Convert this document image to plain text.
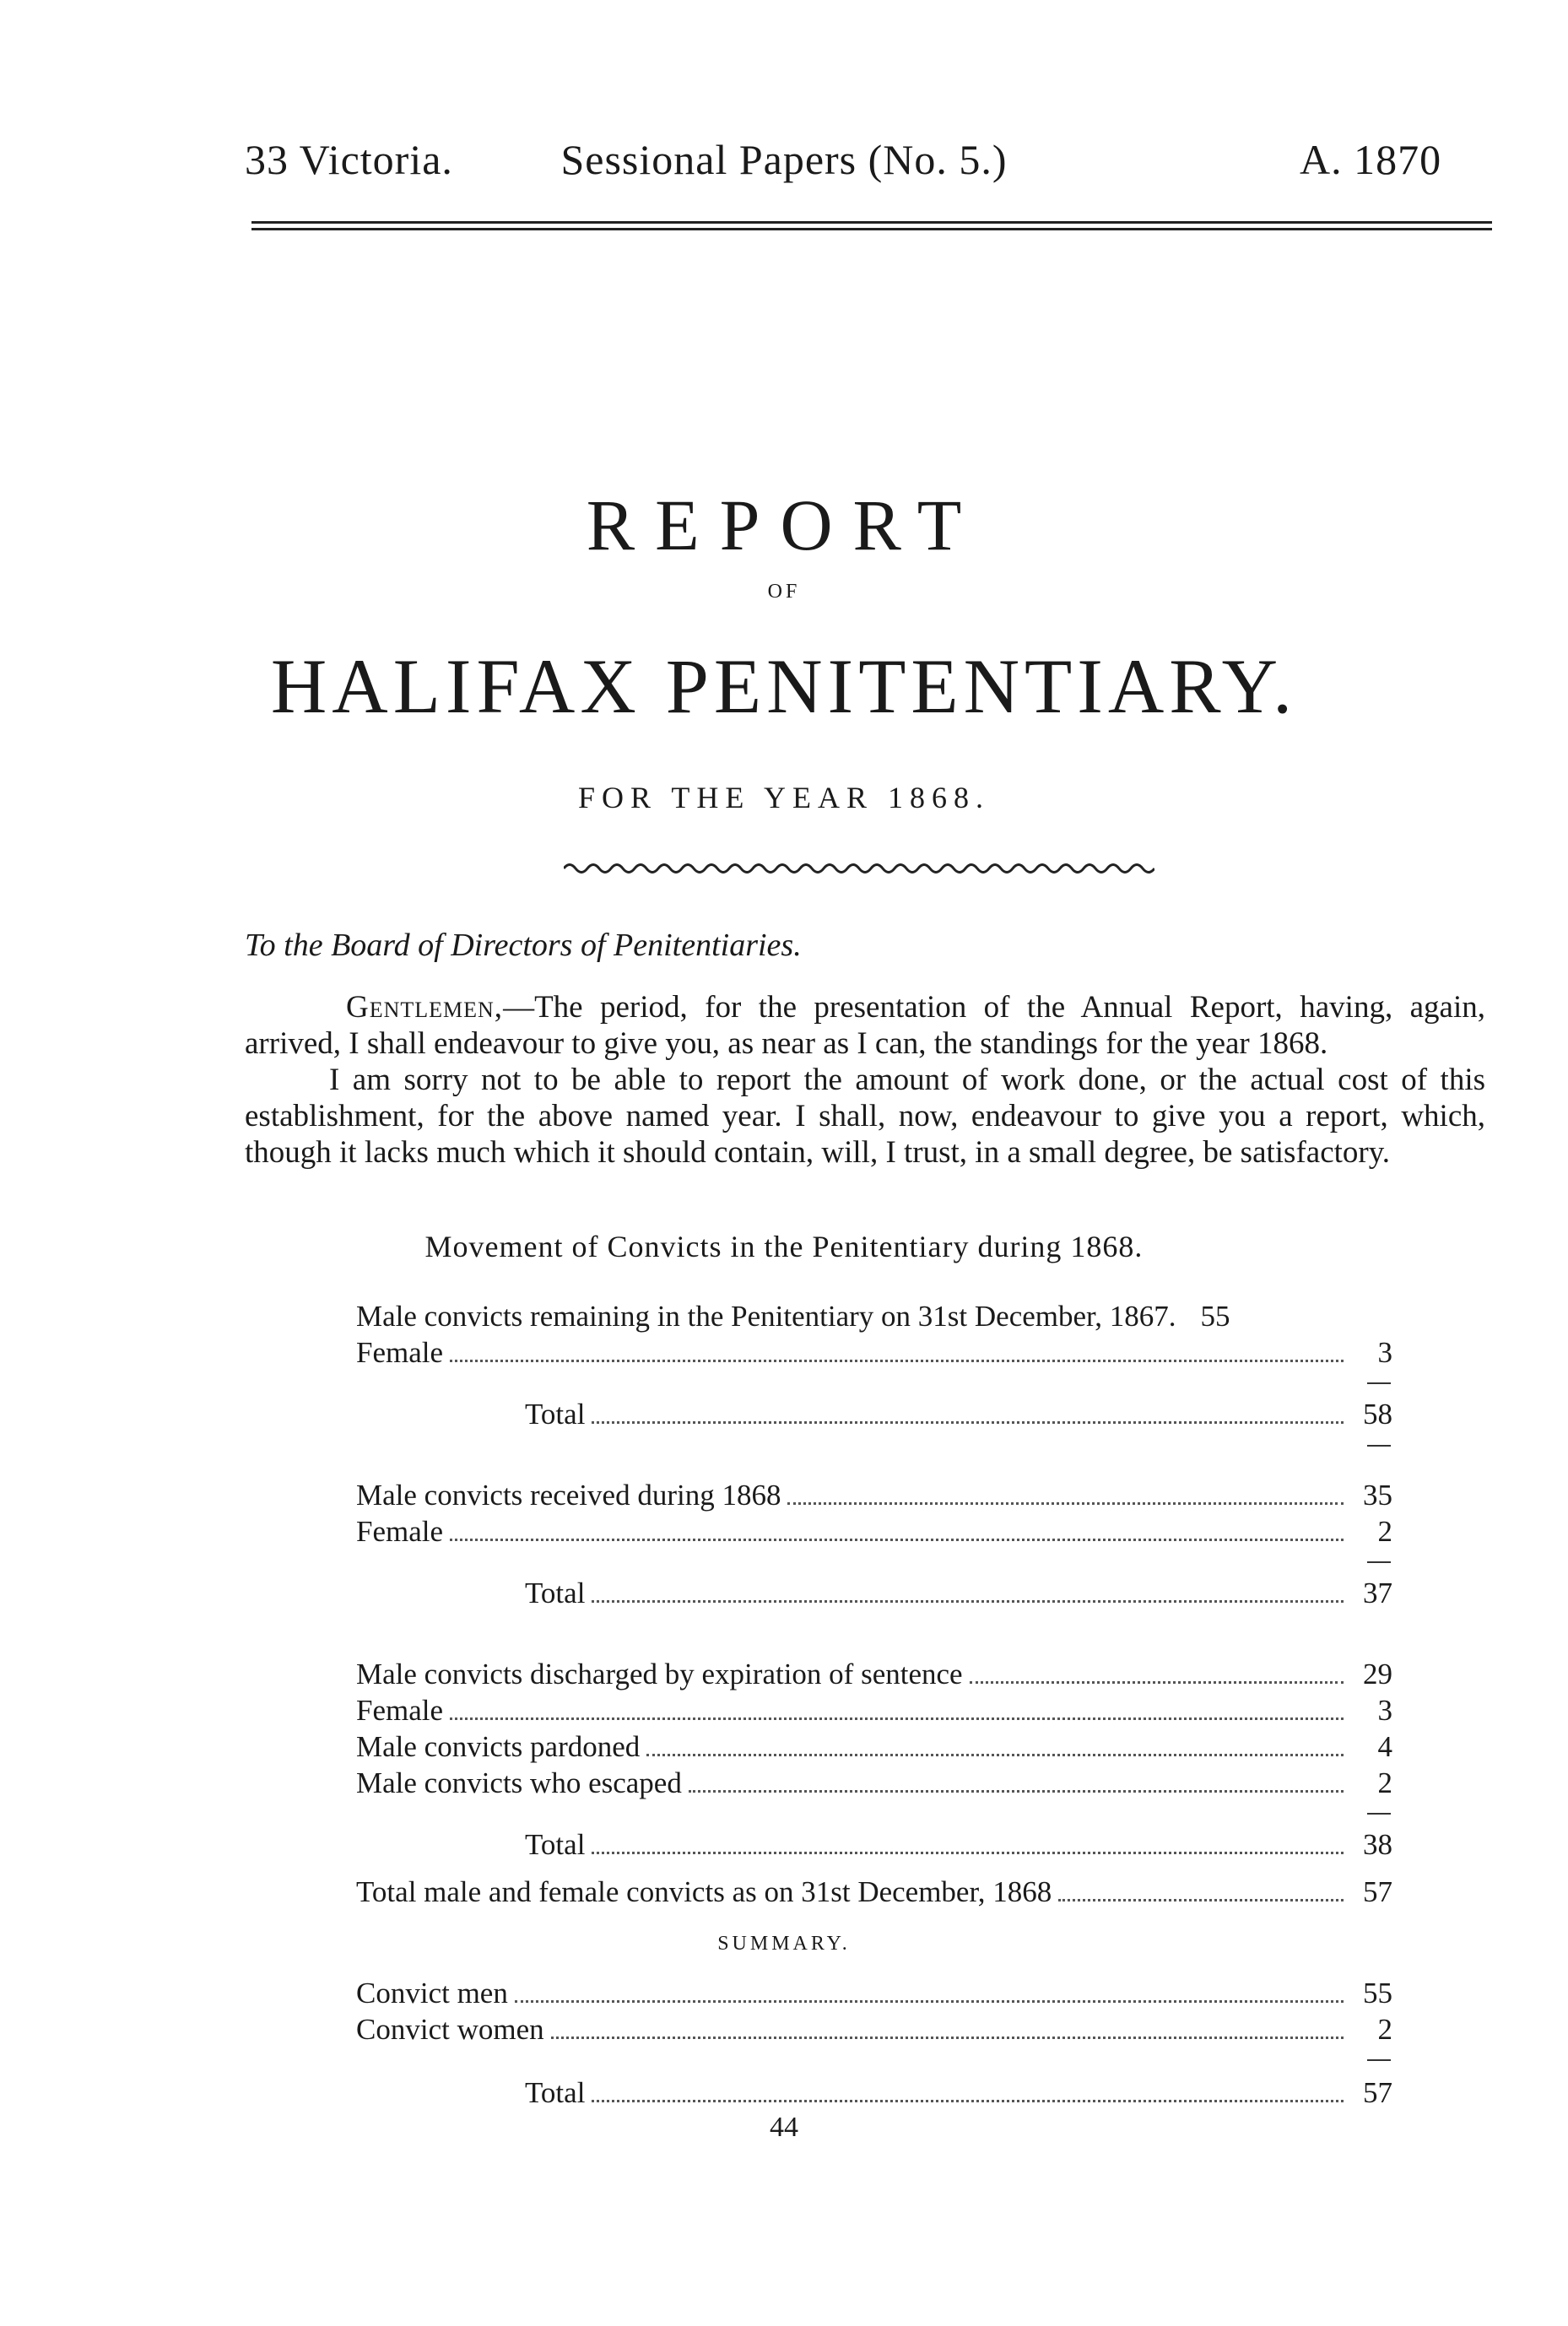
33 Victoria.	Sessional Papers (No. 5.)	A. 1870
REPORT
OF
HALIFAX PENITENTIARY.
FOR THE YEAR 1868.
To the Board of Directors of Penitentiaries.
Gentlemen,—The period, for the presentation of the Annual Report, having, again, arrived, I shall endeavour to give you, as near as I can, the standings for the year 1868.
I am sorry not to be able to report the amount of work done, or the actual cost of this establishment, for the above named year. I shall, now, endeavour to give you a report, which, though it lacks much which it should contain, will, I trust, in a small degree, be satisfactory.
Movement of Convicts in the Penitentiary during 1868.
Male convicts remaining in the Penitentiary on 31st December, 1867. 55
Female	3
Total	58
Male convicts received during 1868	35
Female	2
Total	37
Male convicts discharged by expiration of sentence	29
Female	3
Male convicts pardoned	4
Male convicts who escaped	2
Total	38
Total male and female convicts as on 31st December, 1868	57
SUMMARY.
Convict men	55
Convict women	2
Total	57
44
